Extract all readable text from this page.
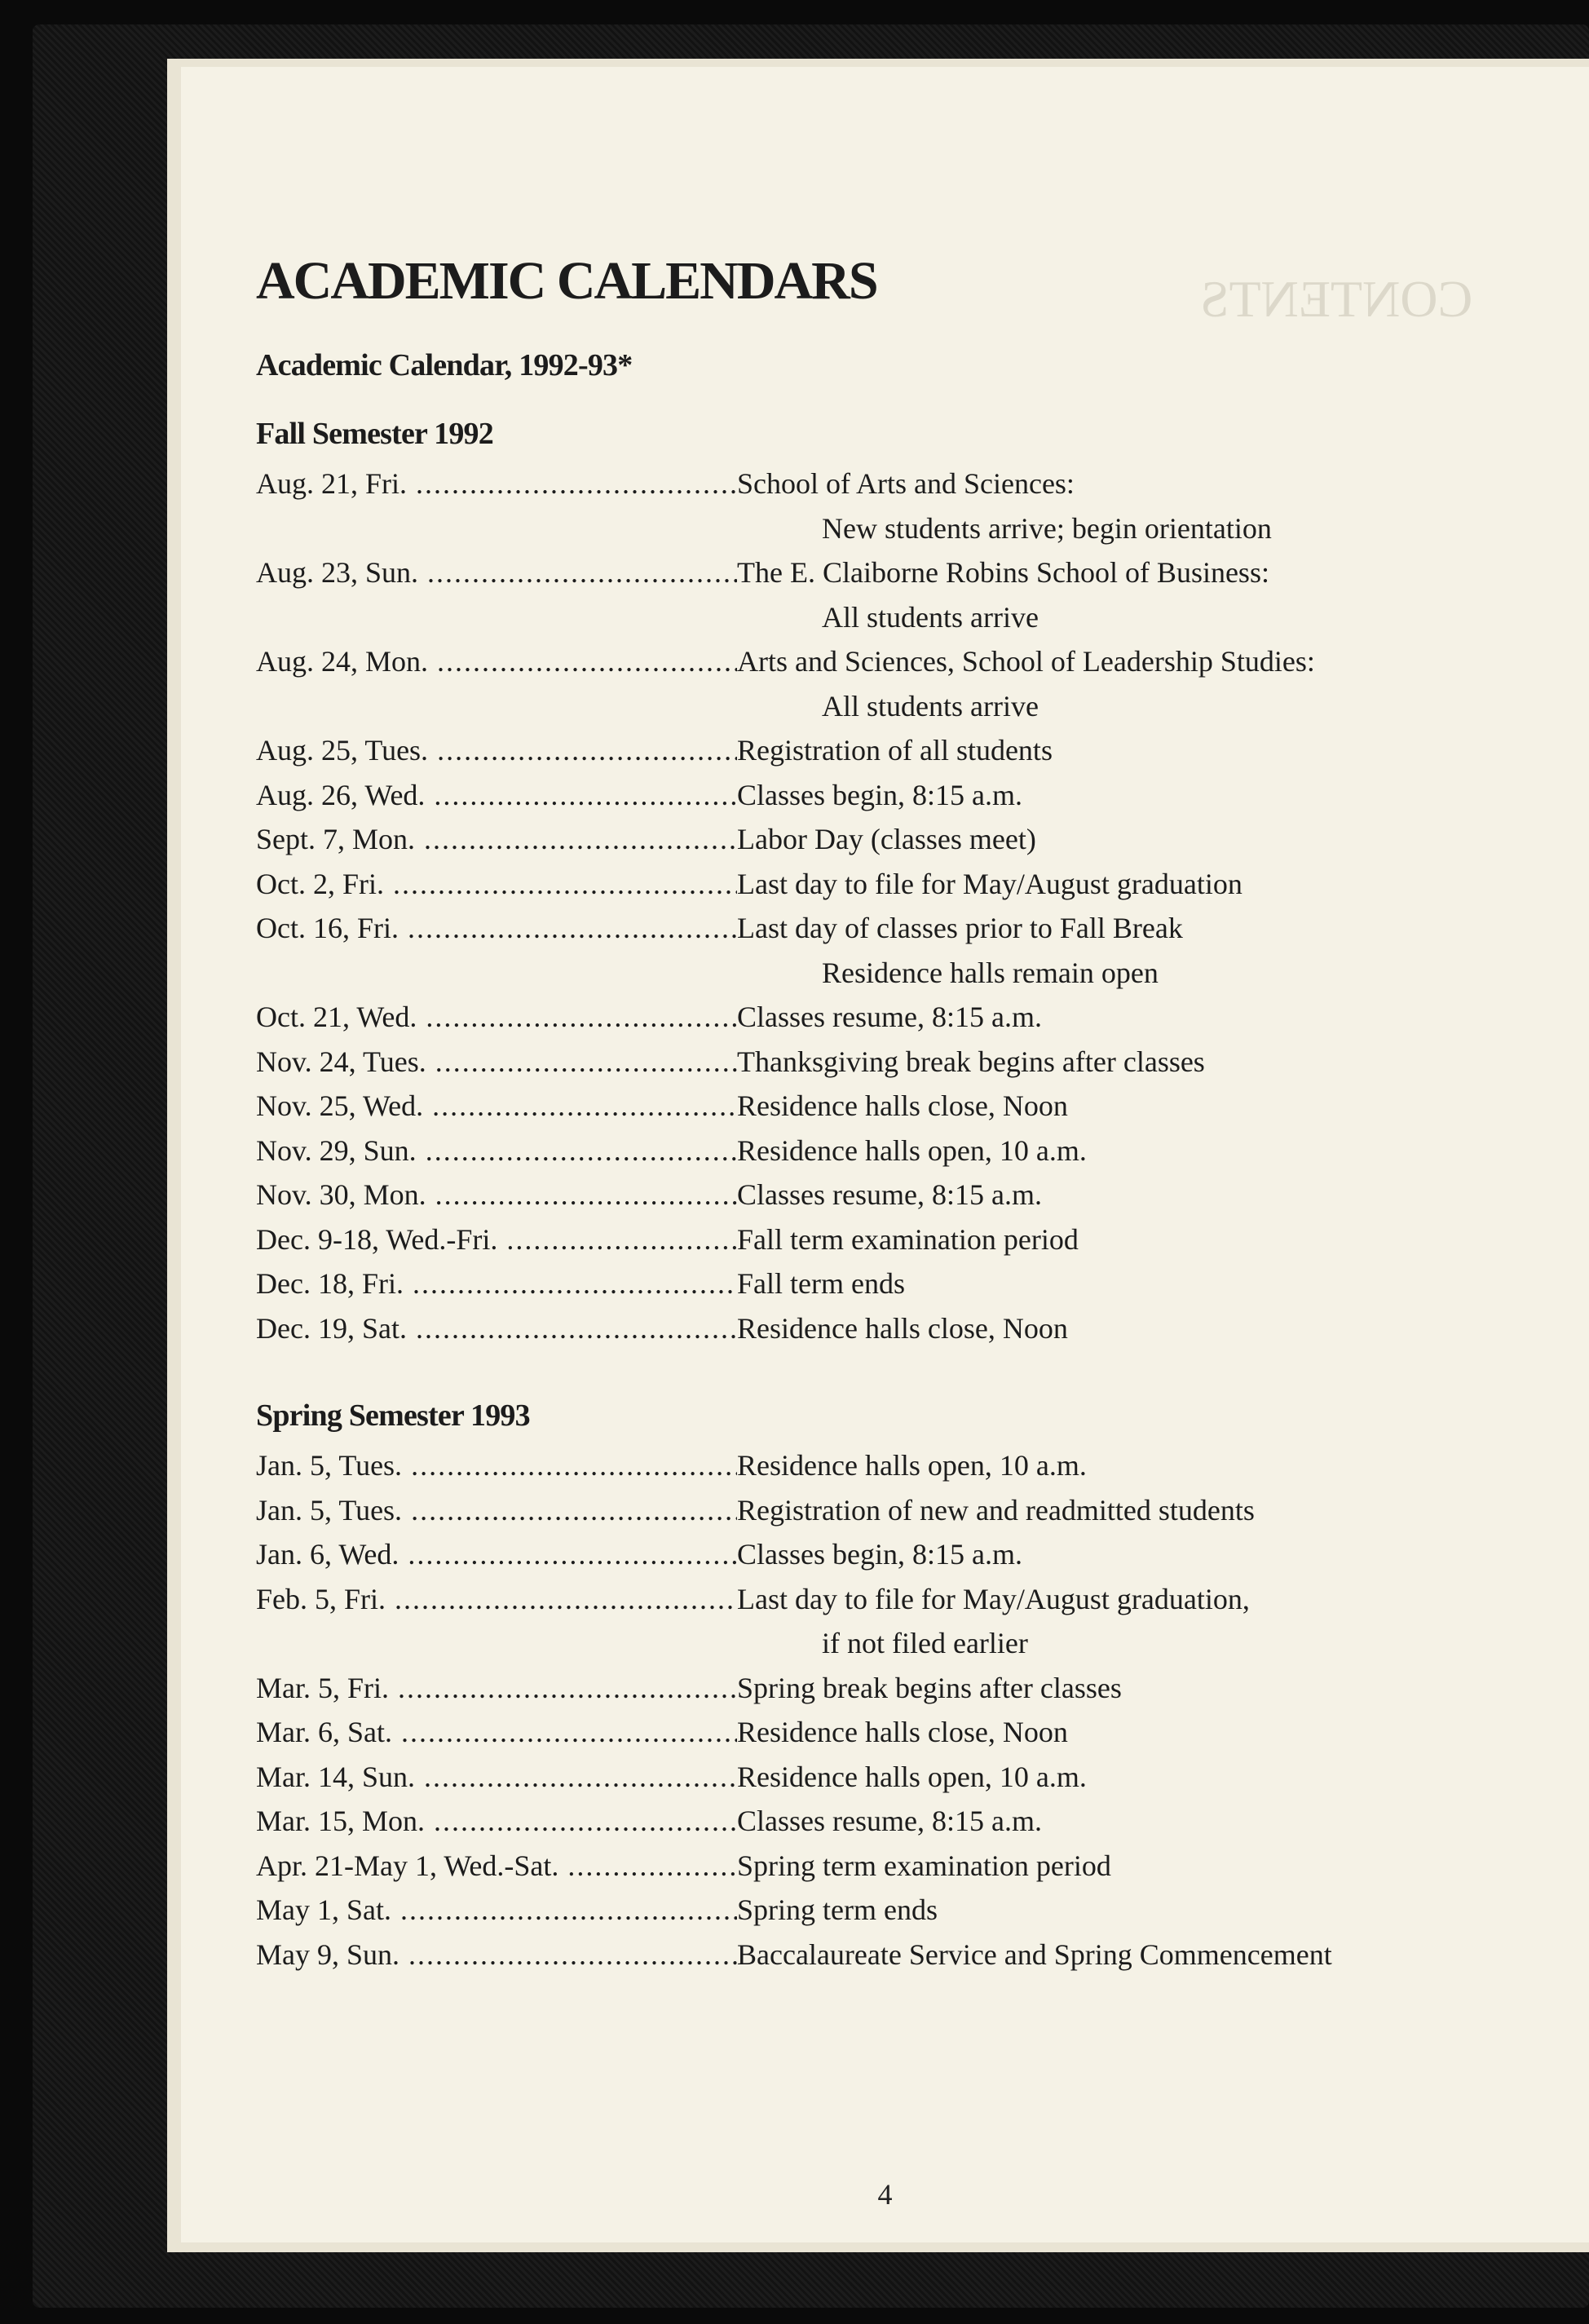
CONTENTS
ACADEMIC CALENDARS
Academic Calendar, 1992-93*
Fall Semester 1992
Aug. 21, Fri. .....	School of Arts and Sciences:
New students arrive; begin orientation
Aug. 23, Sun. .....	The E. Claiborne Robins School of Business:
All students arrive
Aug. 24, Mon. .....	Arts and Sciences, School of Leadership Studies:
All students arrive
Aug. 25, Tues. .....	Registration of all students
Aug. 26, Wed. .....	Classes begin, 8:15 a.m.
Sept. 7, Mon. .....	Labor Day (classes meet)
Oct. 2, Fri. .....	Last day to file for May/August graduation
Oct. 16, Fri. .....	Last day of classes prior to Fall Break
Residence halls remain open
Oct. 21, Wed. .....	Classes resume, 8:15 a.m.
Nov. 24, Tues. .....	Thanksgiving break begins after classes
Nov. 25, Wed. .....	Residence halls close, Noon
Nov. 29, Sun. .....	Residence halls open, 10 a.m.
Nov. 30, Mon. .....	Classes resume, 8:15 a.m.
Dec. 9-18, Wed.-Fri. .....	Fall term examination period
Dec. 18, Fri. .....	Fall term ends
Dec. 19, Sat. .....	Residence halls close, Noon
Spring Semester 1993
Jan. 5, Tues. .....	Residence halls open, 10 a.m.
Jan. 5, Tues. .....	Registration of new and readmitted students
Jan. 6, Wed. .....	Classes begin, 8:15 a.m.
Feb. 5, Fri. .....	Last day to file for May/August graduation,
if not filed earlier
Mar. 5, Fri. .....	Spring break begins after classes
Mar. 6, Sat. .....	Residence halls close, Noon
Mar. 14, Sun. .....	Residence halls open, 10 a.m.
Mar. 15, Mon. .....	Classes resume, 8:15 a.m.
Apr. 21-May 1, Wed.-Sat. .....	Spring term examination period
May 1, Sat. .....	Spring term ends
May 9, Sun. .....	Baccalaureate Service and Spring Commencement
4
